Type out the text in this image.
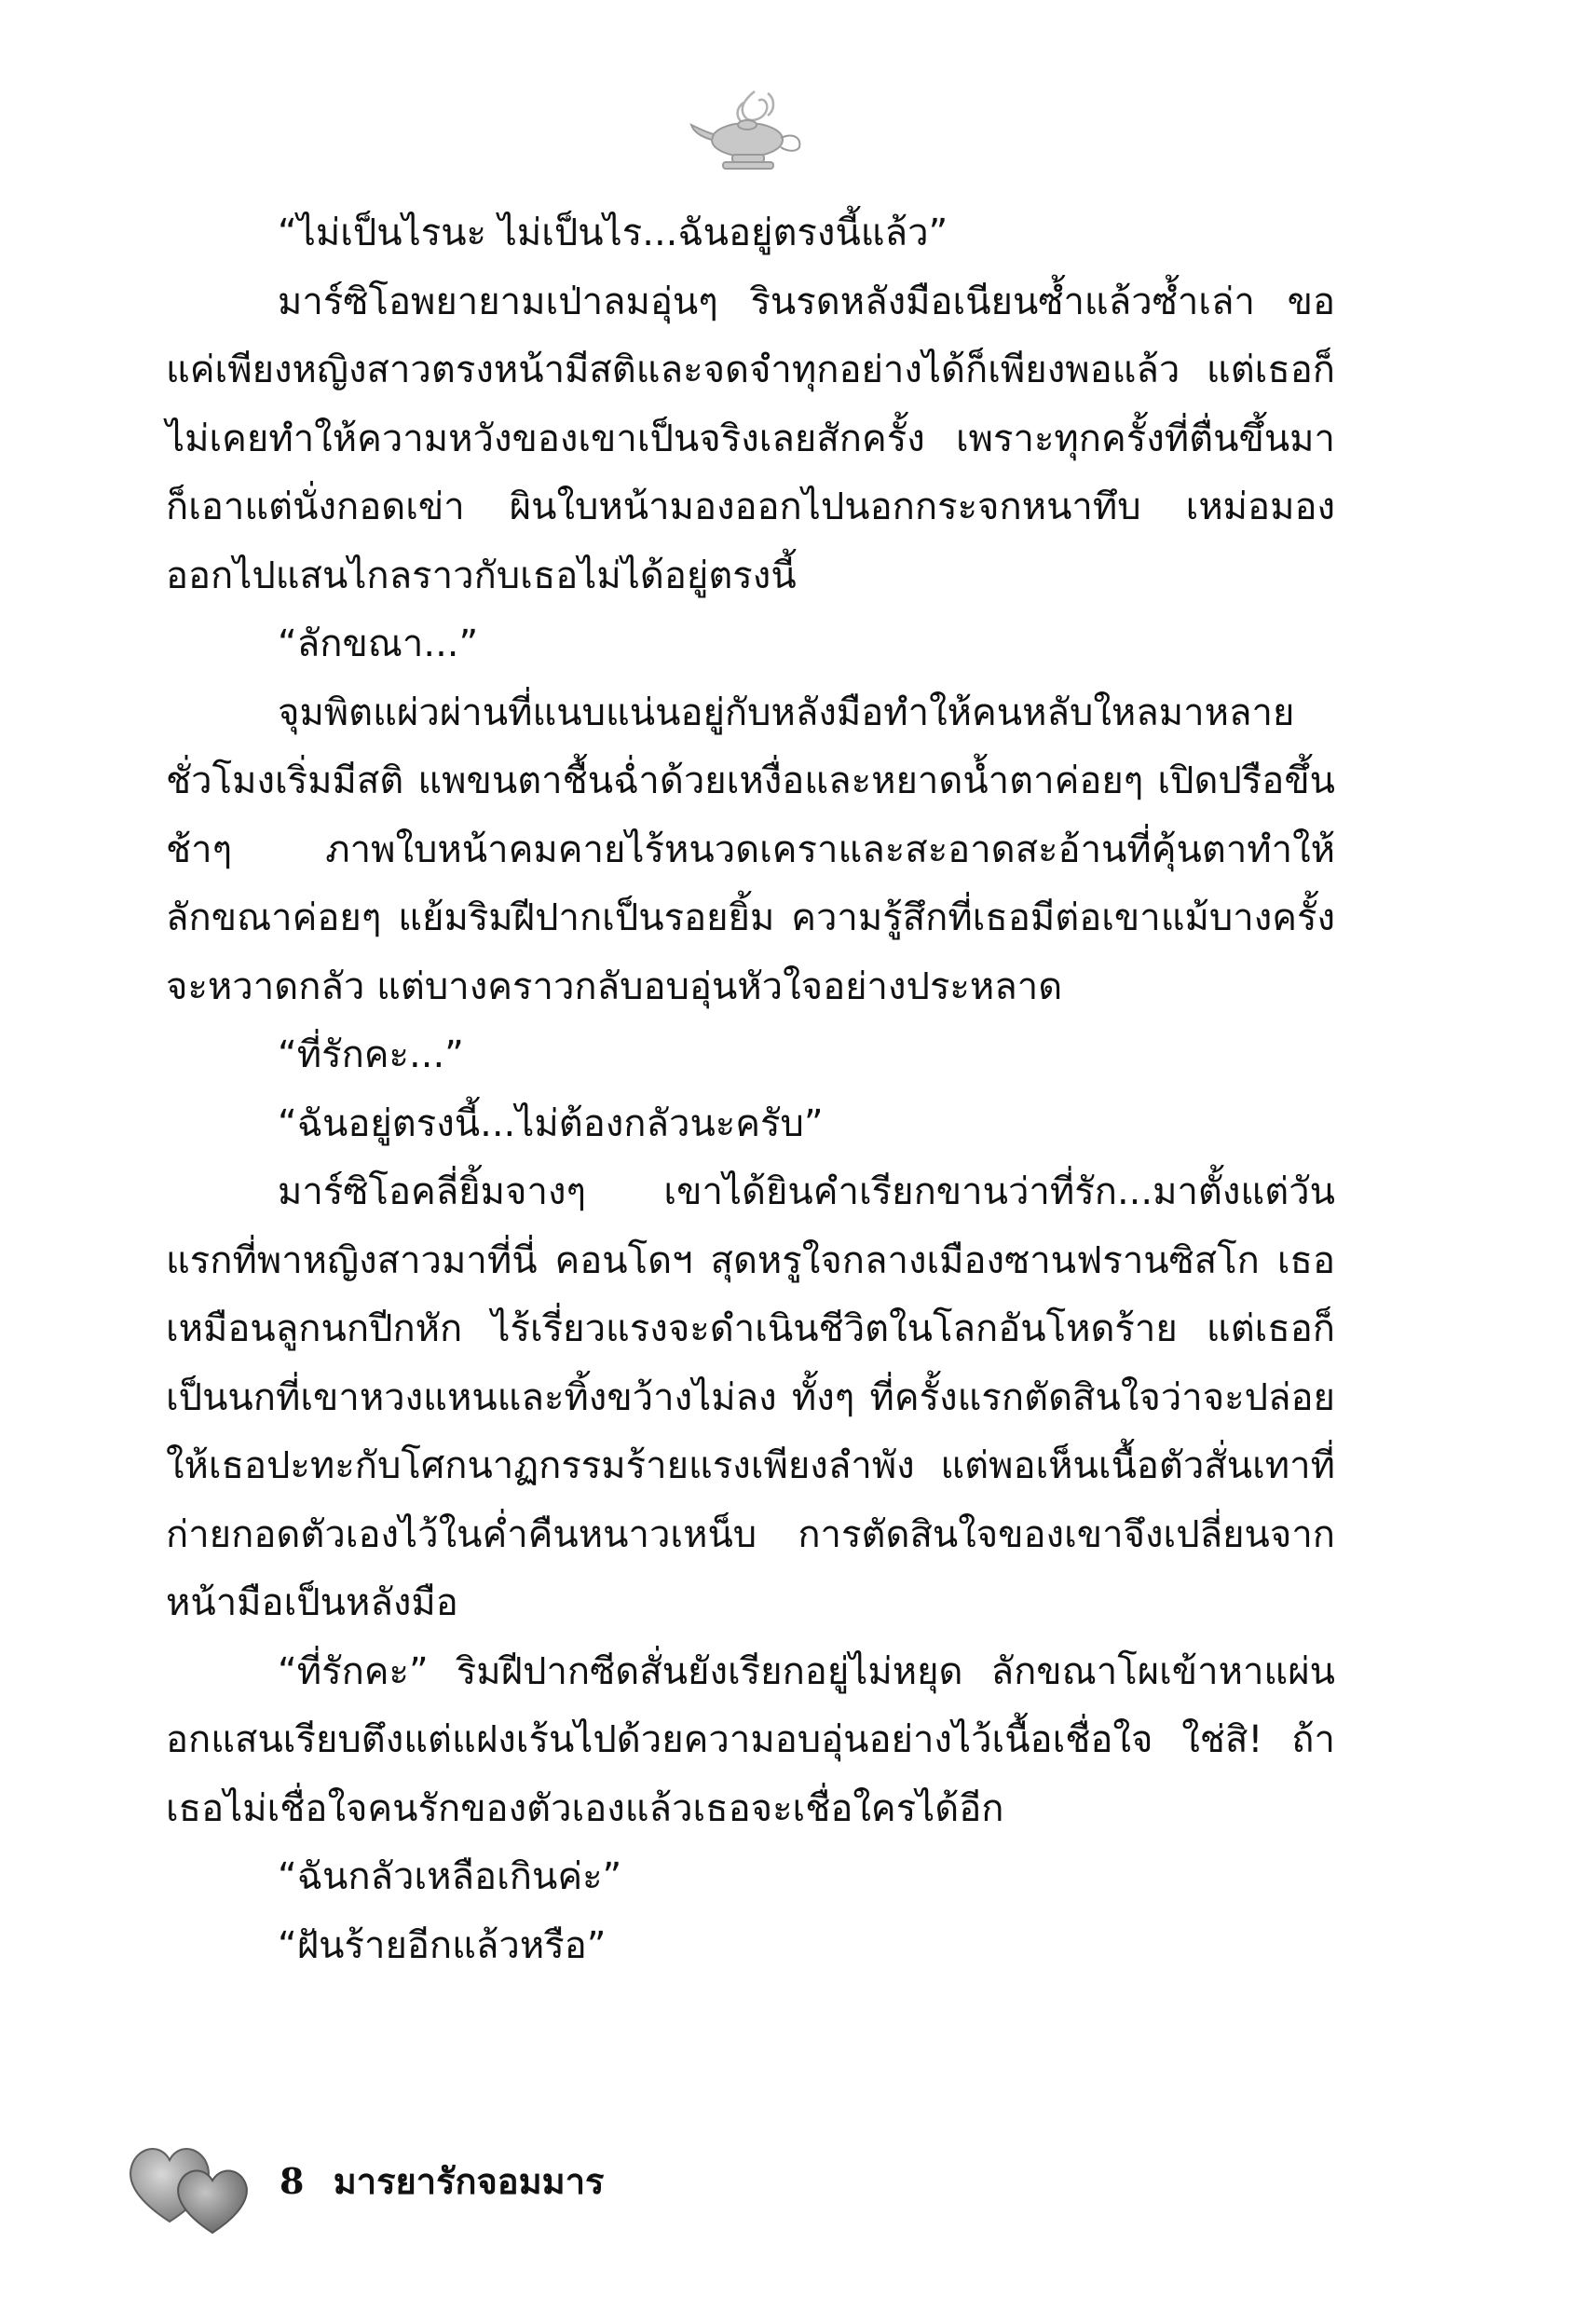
“ไม่เป็นไรนะ ไม่เป็นไร...ฉันอยู่ตรงนี้แล้ว”

มาร์ซิโอพยายามเป่าลมอุ่นๆ รินรดหลังมือเนียนซ้ำแล้วซ้ำเล่า ขอแค่เพียงหญิงสาวตรงหน้ามีสติและจดจำทุกอย่างได้ก็เพียงพอแล้ว แต่เธอก็ไม่เคยทำให้ความหวังของเขาเป็นจริงเลยสักครั้ง เพราะทุกครั้งที่ตื่นขึ้นมาก็เอาแต่นั่งกอดเข่า ผินใบหน้ามองออกไปนอกกระจกหนาทึบ เหม่อมองออกไปแสนไกลราวกับเธอไม่ได้อยู่ตรงนี้

“ลักขณา...”

จุมพิตแผ่วผ่านที่แนบแน่นอยู่กับหลังมือทำให้คนหลับใหลมาหลายชั่วโมงเริ่มมีสติ แพขนตาชื้นฉ่ำด้วยเหงื่อและหยาดน้ำตาค่อยๆ เปิดปรือขึ้นช้าๆ ภาพใบหน้าคมคายไร้หนวดเคราและสะอาดสะอ้านที่คุ้นตาทำให้ลักขณาค่อยๆ แย้มริมฝีปากเป็นรอยยิ้ม ความรู้สึกที่เธอมีต่อเขาแม้บางครั้งจะหวาดกลัว แต่บางคราวกลับอบอุ่นหัวใจอย่างประหลาด

“ที่รักคะ...”

“ฉันอยู่ตรงนี้...ไม่ต้องกลัวนะครับ”

มาร์ซิโอคลี่ยิ้มจางๆ เขาได้ยินคำเรียกขานว่าที่รัก...มาตั้งแต่วันแรกที่พาหญิงสาวมาที่นี่ คอนโดฯ สุดหรูใจกลางเมืองซานฟรานซิสโก เธอเหมือนลูกนกปีกหัก ไร้เรี่ยวแรงจะดำเนินชีวิตในโลกอันโหดร้าย แต่เธอก็เป็นนกที่เขาหวงแหนและทิ้งขว้างไม่ลง ทั้งๆ ที่ครั้งแรกตัดสินใจว่าจะปล่อยให้เธอปะทะกับโศกนาฏกรรมร้ายแรงเพียงลำพัง แต่พอเห็นเนื้อตัวสั่นเทาที่ก่ายกอดตัวเองไว้ในค่ำคืนหนาวเหน็บ การตัดสินใจของเขาจึงเปลี่ยนจากหน้ามือเป็นหลังมือ

“ที่รักคะ” ริมฝีปากซีดสั่นยังเรียกอยู่ไม่หยุด ลักขณาโผเข้าหาแผ่นอกแสนเรียบตึงแต่แฝงเร้นไปด้วยความอบอุ่นอย่างไว้เนื้อเชื่อใจ ใช่สิ! ถ้าเธอไม่เชื่อใจคนรักของตัวเองแล้วเธอจะเชื่อใครได้อีก

“ฉันกลัวเหลือเกินค่ะ”

“ฝันร้ายอีกแล้วหรือ”

8 มารยารักจอมมาร
